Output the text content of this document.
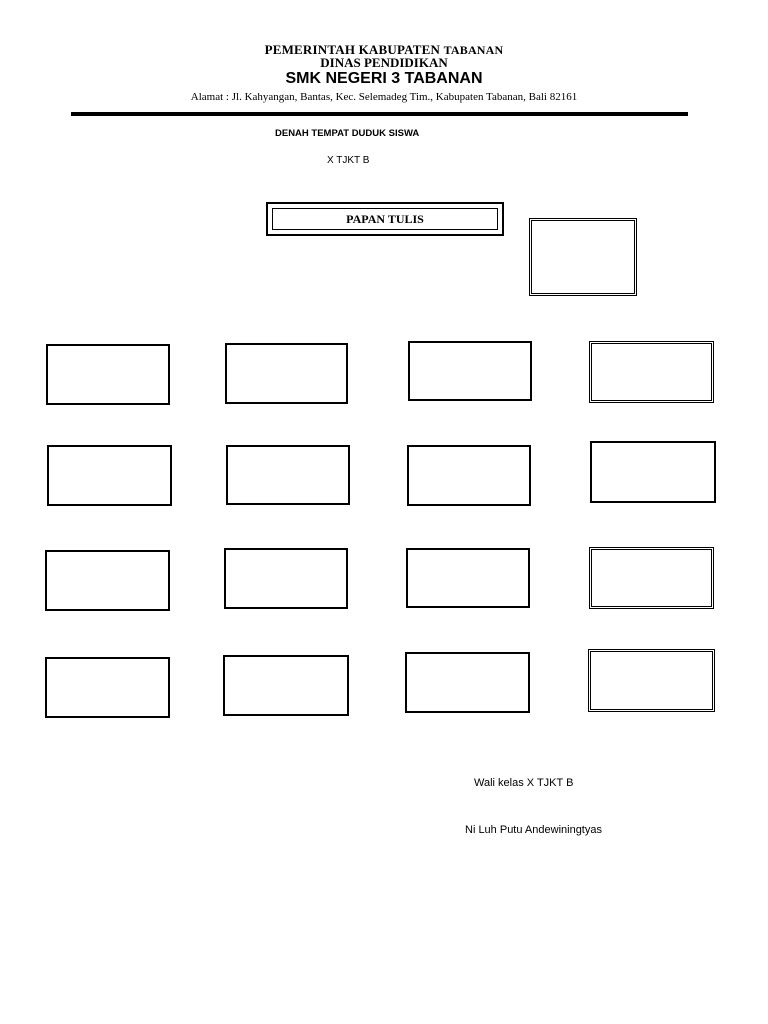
PEMERINTAH KABUPATEN TABANAN
DINAS PENDIDIKAN
SMK NEGERI 3 TABANAN
Alamat : Jl. Kahyangan, Bantas, Kec. Selemadeg Tim., Kabupaten Tabanan, Bali 82161
DENAH TEMPAT DUDUK SISWA
X TJKT B
PAPAN TULIS
Wali kelas X TJKT B
Ni Luh Putu Andewiningtyas
